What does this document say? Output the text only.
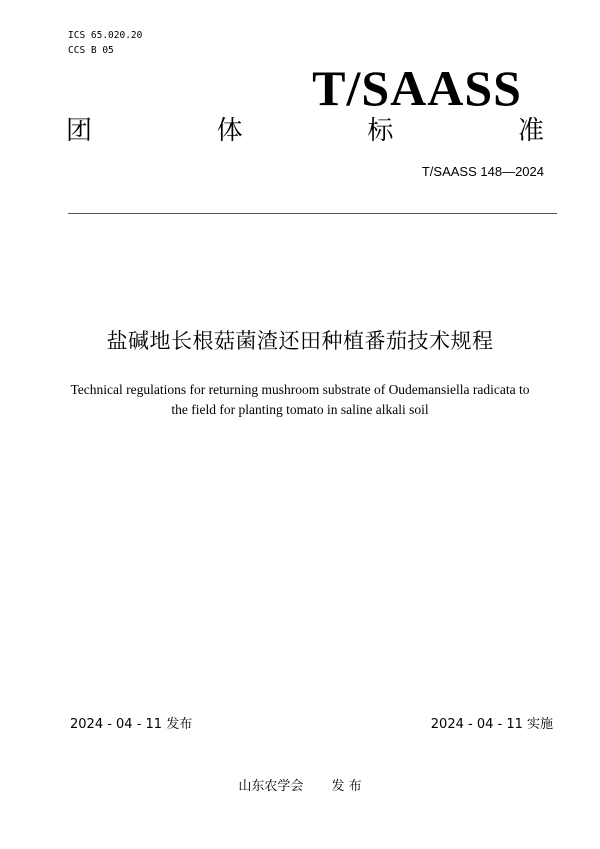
ICS 65.020.20
CCS B 05
T/SAASS
团	体	标	准
T/SAASS 148—2024
盐碱地长根菇菌渣还田种植番茄技术规程
Technical regulations for returning mushroom substrate of Oudemansiella radicata to
the field for planting tomato in saline alkali soil
2024 - 04 - 11 发布	2024 - 04 - 11 实施
山东农学会 发 布
